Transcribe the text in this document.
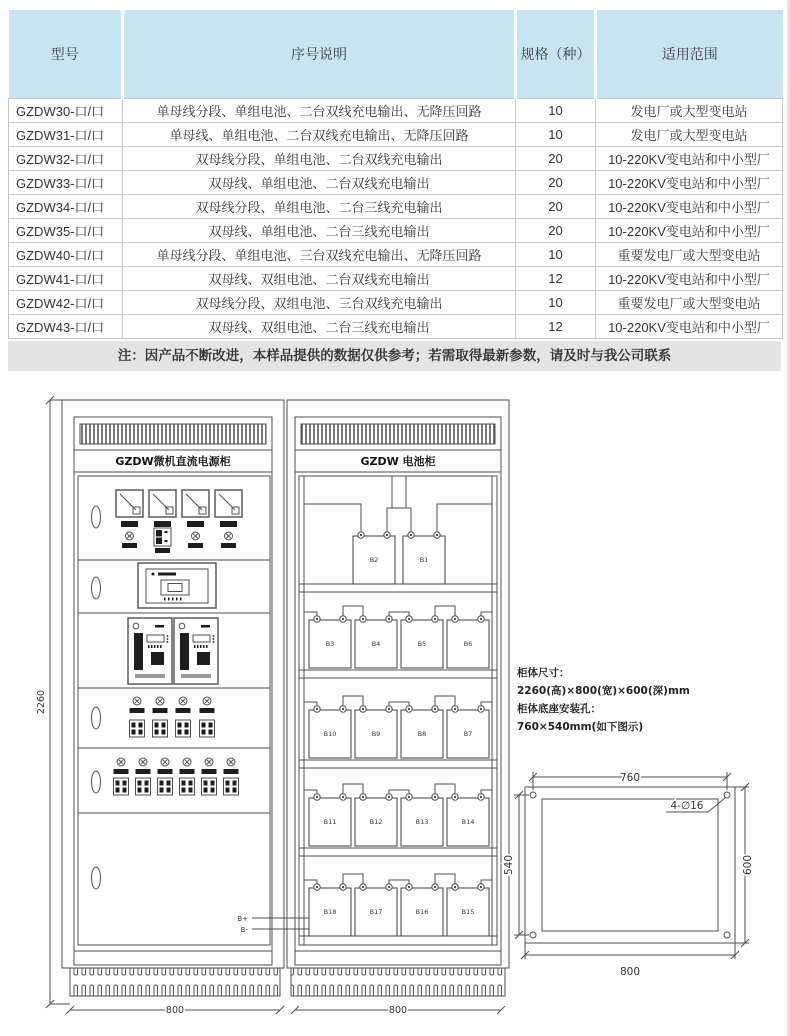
型号	序号说明	规格（种）	适用范围
GZDW30-口/口	单母线分段、单组电池、二台双线充电输出、无降压回路	10	发电厂或大型变电站
GZDW31-口/口	单母线、单组电池、二台双线充电输出、无降压回路	10	发电厂或大型变电站
GZDW32-口/口	双母线分段、单组电池、二台双线充电输出	20	10-220KV变电站和中小型厂
GZDW33-口/口	双母线、单组电池、二台双线充电输出	20	10-220KV变电站和中小型厂
GZDW34-口/口	双母线分段、单组电池、二台三线充电输出	20	10-220KV变电站和中小型厂
GZDW35-口/口	双母线、单组电池、二台三线充电输出	20	10-220KV变电站和中小型厂
GZDW40-口/口	单母线分段、单组电池、三台双线充电输出、无降压回路	10	重要发电厂或大型变电站
GZDW41-口/口	双母线、双组电池、二台双线充电输出	12	10-220KV变电站和中小型厂
GZDW42-口/口	双母线分段、双组电池、三台双线充电输出	10	重要发电厂或大型变电站
GZDW43-口/口	双母线、双组电池、二台三线充电输出	12	10-220KV变电站和中小型厂
注：因产品不断改进，本样品提供的数据仅供参考；若需取得最新参数，请及时与我公司联系
2260
GZDW微机直流电源柜
B+
B-
800
GZDW 电池柜
B2	B1
B3	B4	B5	B6
B10	B9	B8	B7
B11	B12	B13	B14
B18	B17	B16	B15
800
柜体尺寸：
2260(高)×800(宽)×600(深)mm
柜体底座安装孔：
760×540mm(如下图示)
760
540	600
800
4-∅16
